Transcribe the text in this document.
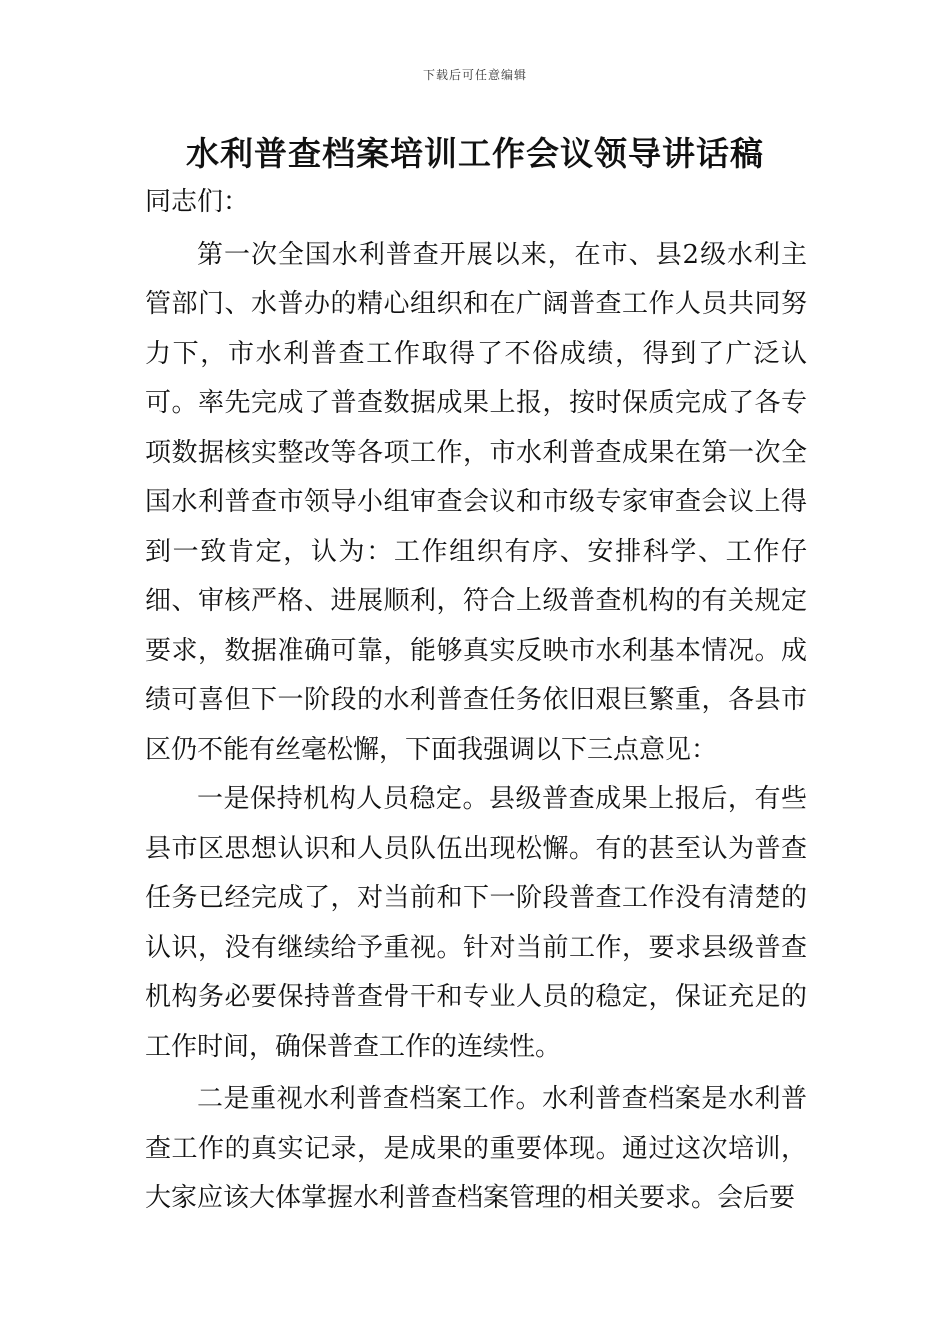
下载后可任意编辑
水利普查档案培训工作会议领导讲话稿

同志们：

第一次全国水利普查开展以来，在市、县2级水利主管部门、水普办的精心组织和在广阔普查工作人员共同努力下，市水利普查工作取得了不俗成绩，得到了广泛认可。率先完成了普查数据成果上报，按时保质完成了各专项数据核实整改等各项工作，市水利普查成果在第一次全国水利普查市领导小组审查会议和市级专家审查会议上得到一致肯定，认为：工作组织有序、安排科学、工作仔细、审核严格、进展顺利，符合上级普查机构的有关规定要求，数据准确可靠，能够真实反映市水利基本情况。成绩可喜但下一阶段的水利普查任务依旧艰巨繁重，各县市区仍不能有丝毫松懈，下面我强调以下三点意见：

一是保持机构人员稳定。县级普查成果上报后，有些县市区思想认识和人员队伍出现松懈。有的甚至认为普查任务已经完成了，对当前和下一阶段普查工作没有清楚的认识，没有继续给予重视。针对当前工作，要求县级普查机构务必要保持普查骨干和专业人员的稳定，保证充足的工作时间，确保普查工作的连续性。

二是重视水利普查档案工作。水利普查档案是水利普查工作的真实记录，是成果的重要体现。通过这次培训，大家应该大体掌握水利普查档案管理的相关要求。会后要
